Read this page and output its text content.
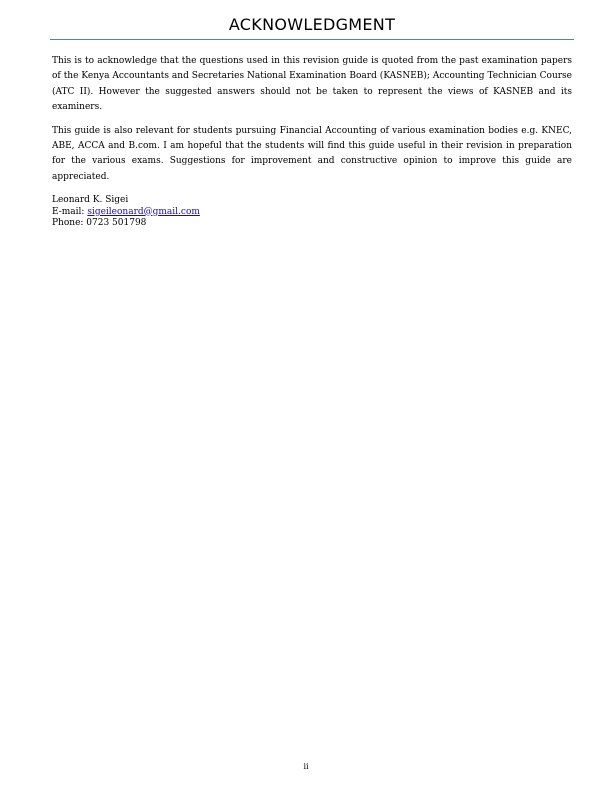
ACKNOWLEDGMENT

This is to acknowledge that the questions used in this revision guide is quoted from the past examination papers of the Kenya Accountants and Secretaries National Examination Board (KASNEB); Accounting Technician Course (ATC II). However the suggested answers should not be taken to represent the views of KASNEB and its examiners.

This guide is also relevant for students pursuing Financial Accounting of various examination bodies e.g. KNEC, ABE, ACCA and B.com. I am hopeful that the students will find this guide useful in their revision in preparation for the various exams. Suggestions for improvement and constructive opinion to improve this guide are appreciated.

Leonard K. Sigei

E-mail: sigeileonard@gmail.com

Phone: 0723 501798

ii
